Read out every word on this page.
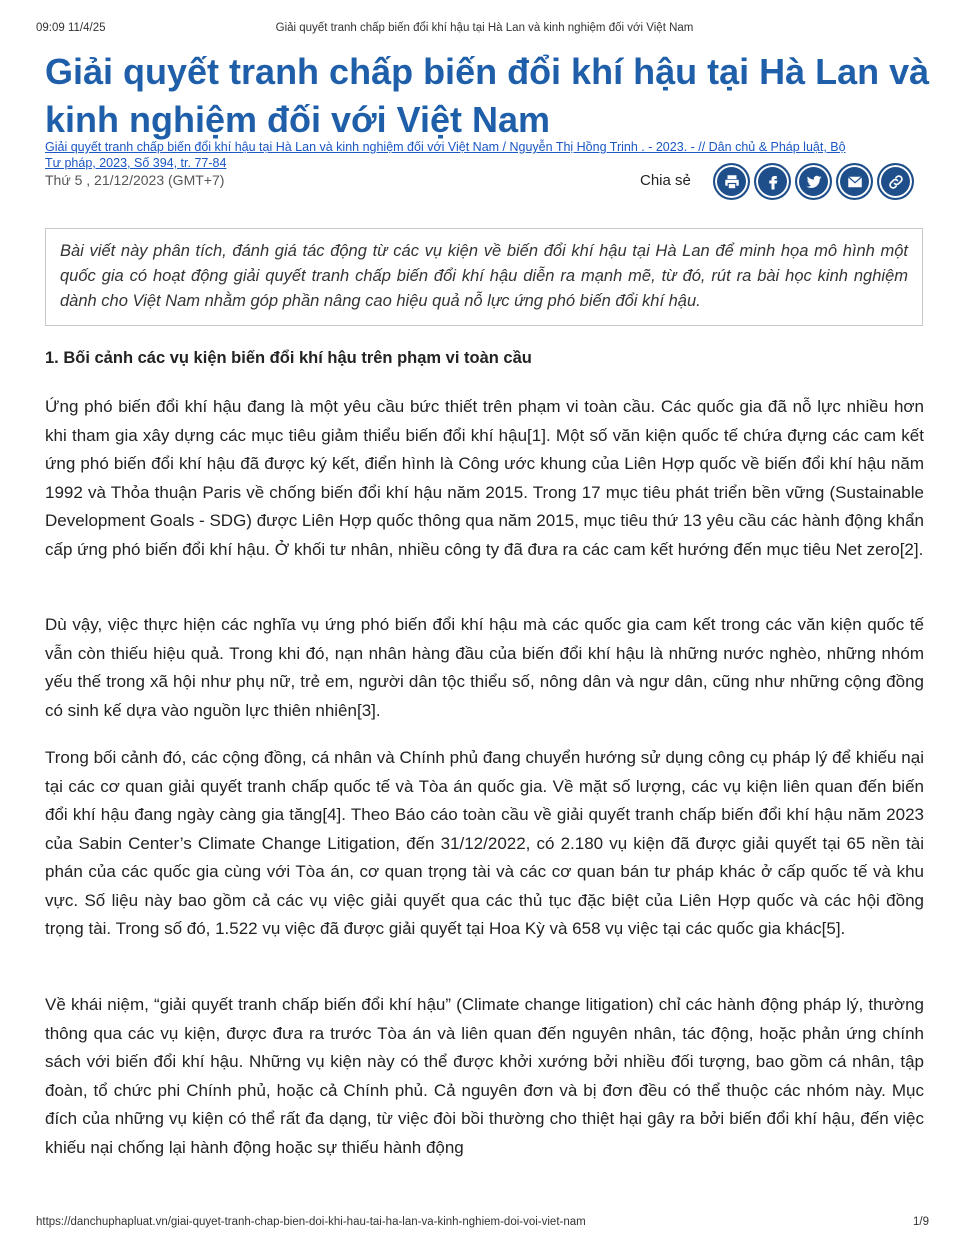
09:09 11/4/25	Giải quyết tranh chấp biến đổi khí hậu tại Hà Lan và kinh nghiệm đối với Việt Nam
Giải quyết tranh chấp biến đổi khí hậu tại Hà Lan và kinh nghiệm đối với Việt Nam
Giải quyết tranh chấp biến đổi khí hậu tại Hà Lan và kinh nghiệm đối với Việt Nam / Nguyễn Thị Hồng Trinh . - 2023. - // Dân chủ & Pháp luật, Bộ
Tư pháp, 2023, Số 394, tr. 77-84
Thứ 5 , 21/12/2023 (GMT+7)	Chia sẻ
Bài viết này phân tích, đánh giá tác động từ các vụ kiện về biến đổi khí hậu tại Hà Lan để minh họa mô hình một quốc gia có hoạt động giải quyết tranh chấp biến đổi khí hậu diễn ra mạnh mẽ, từ đó, rút ra bài học kinh nghiệm dành cho Việt Nam nhằm góp phần nâng cao hiệu quả nỗ lực ứng phó biến đổi khí hậu.
1. Bối cảnh các vụ kiện biến đổi khí hậu trên phạm vi toàn cầu

Ứng phó biến đổi khí hậu đang là một yêu cầu bức thiết trên phạm vi toàn cầu. Các quốc gia đã nỗ lực nhiều hơn khi tham gia xây dựng các mục tiêu giảm thiểu biến đổi khí hậu[1]. Một số văn kiện quốc tế chứa đựng các cam kết ứng phó biến đổi khí hậu đã được ký kết, điển hình là Công ước khung của Liên Hợp quốc về biến đổi khí hậu năm 1992 và Thỏa thuận Paris về chống biến đổi khí hậu năm 2015. Trong 17 mục tiêu phát triển bền vững (Sustainable Development Goals - SDG) được Liên Hợp quốc thông qua năm 2015, mục tiêu thứ 13 yêu cầu các hành động khẩn cấp ứng phó biến đổi khí hậu. Ở khối tư nhân, nhiều công ty đã đưa ra các cam kết hướng đến mục tiêu Net zero[2].

Dù vậy, việc thực hiện các nghĩa vụ ứng phó biến đổi khí hậu mà các quốc gia cam kết trong các văn kiện quốc tế vẫn còn thiếu hiệu quả. Trong khi đó, nạn nhân hàng đầu của biến đổi khí hậu là những nước nghèo, những nhóm yếu thế trong xã hội như phụ nữ, trẻ em, người dân tộc thiểu số, nông dân và ngư dân, cũng như những cộng đồng có sinh kế dựa vào nguồn lực thiên nhiên[3].

Trong bối cảnh đó, các cộng đồng, cá nhân và Chính phủ đang chuyển hướng sử dụng công cụ pháp lý để khiếu nại tại các cơ quan giải quyết tranh chấp quốc tế và Tòa án quốc gia. Về mặt số lượng, các vụ kiện liên quan đến biến đổi khí hậu đang ngày càng gia tăng[4]. Theo Báo cáo toàn cầu về giải quyết tranh chấp biến đổi khí hậu năm 2023 của Sabin Center’s Climate Change Litigation, đến 31/12/2022, có 2.180 vụ kiện đã được giải quyết tại 65 nền tài phán của các quốc gia cùng với Tòa án, cơ quan trọng tài và các cơ quan bán tư pháp khác ở cấp quốc tế và khu vực. Số liệu này bao gồm cả các vụ việc giải quyết qua các thủ tục đặc biệt của Liên Hợp quốc và các hội đồng trọng tài. Trong số đó, 1.522 vụ việc đã được giải quyết tại Hoa Kỳ và 658 vụ việc tại các quốc gia khác[5].

Về khái niệm, “giải quyết tranh chấp biến đổi khí hậu” (Climate change litigation) chỉ các hành động pháp lý, thường thông qua các vụ kiện, được đưa ra trước Tòa án và liên quan đến nguyên nhân, tác động, hoặc phản ứng chính sách với biến đổi khí hậu. Những vụ kiện này có thể được khởi xướng bởi nhiều đối tượng, bao gồm cá nhân, tập đoàn, tổ chức phi Chính phủ, hoặc cả Chính phủ. Cả nguyên đơn và bị đơn đều có thể thuộc các nhóm này. Mục đích của những vụ kiện có thể rất đa dạng, từ việc đòi bồi thường cho thiệt hại gây ra bởi biến đổi khí hậu, đến việc khiếu nại chống lại hành động hoặc sự thiếu hành động

https://danchuphapluat.vn/giai-quyet-tranh-chap-bien-doi-khi-hau-tai-ha-lan-va-kinh-nghiem-doi-voi-viet-nam	1/9
